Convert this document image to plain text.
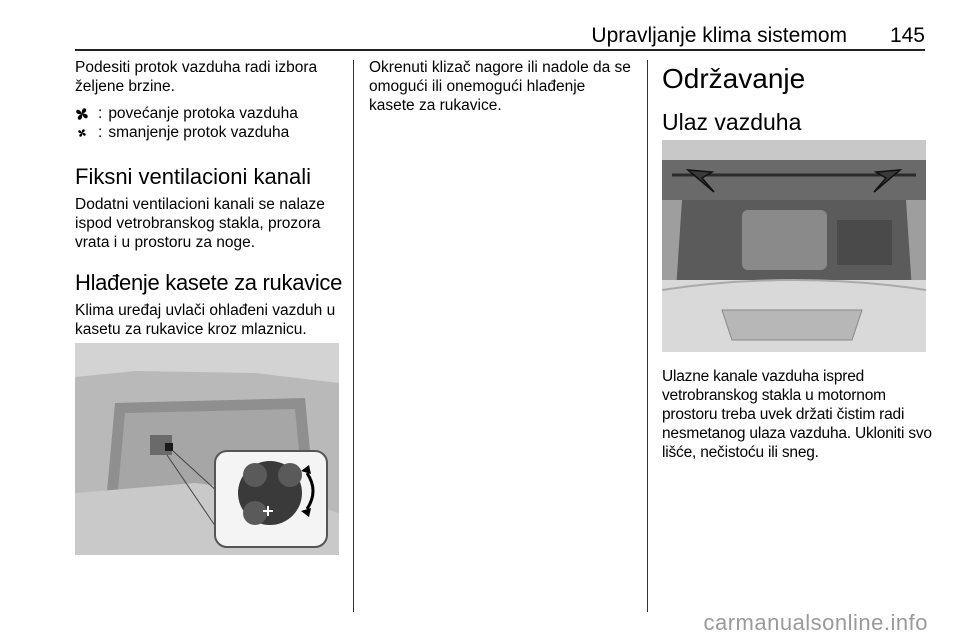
Upravljanje klima sistemom 145

Podesiti protok vazduha radi izbora željene brzine.

: povećanje protoka vazduha
: smanjenje protok vazduha
Fiksni ventilacioni kanali

Dodatni ventilacioni kanali se nalaze ispod vetrobranskog stakla, prozora vrata i u prostoru za noge.

Hlađenje kasete za rukavice

Klima uređaj uvlači ohlađeni vazduh u kasetu za rukavice kroz mlaznicu.

Okrenuti klizač nagore ili nadole da se omogući ili onemogući hlađenje kasete za rukavice.

Održavanje
Ulaz vazduha

Ulazne kanale vazduha ispred vetrobranskog stakla u motornom prostoru treba uvek držati čistim radi nesmetanog ulaza vazduha. Ukloniti svo lišće, nečistoću ili sneg.

carmanualsonline.info
